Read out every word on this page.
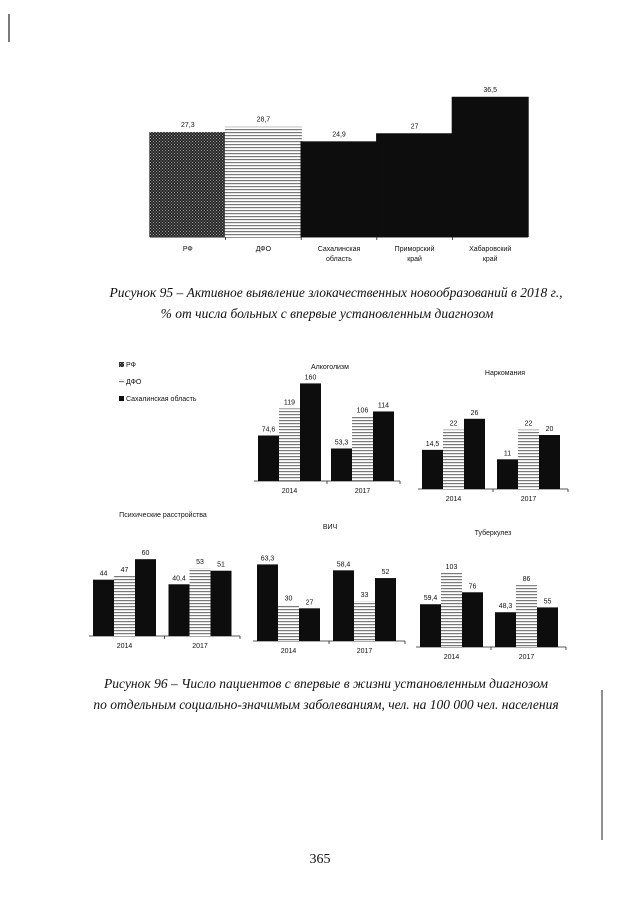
27,3
РФ
28,7
ДФО
24,9
Сахалинская
область
27
Приморский
край
36,5
Хабаровский
край
РФ
ДФО
Сахалинская область
Алкоголизм
74,6
119
160
2014
53,3
106
114
2017
Наркомания
14,5
22
26
2014
11
22
20
2017
Психические расстройства
44
47
60
2014
40,4
53 51
2017
ВИЧ
63,3
30
27
2014
58,4
33
52
2017
Туберкулез
59,4
103
76
2014
48,3
86
55
2017
Рисунок 95 – Активное выявление злокачественных новообразований в 2018 г.,
% от числа больных с впервые установленным диагнозом
Рисунок 96 – Число пациентов с впервые в жизни установленным диагнозом
по отдельным социально-значимым заболеваниям, чел. на 100 000 чел. населения
365
